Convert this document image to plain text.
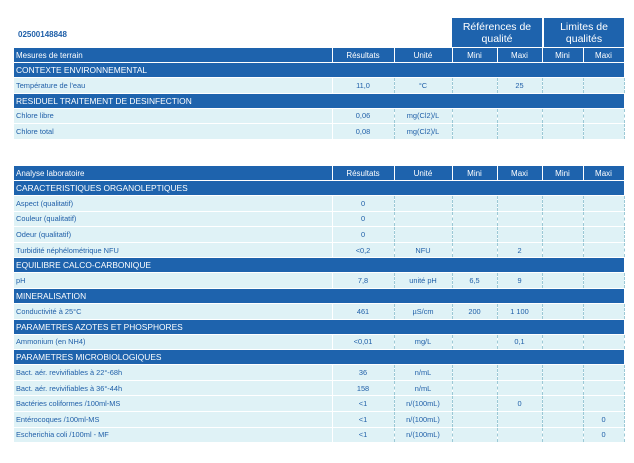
02500148848
Références de qualité
Limites de qualités
Mesures de terrain	Résultats	Unité	Mini	Maxi	Mini	Maxi
CONTEXTE ENVIRONNEMENTAL						
Température de l'eau	11,0	°C		25		
RESIDUEL TRAITEMENT DE DESINFECTION						
Chlore libre	0,06	mg(Cl2)/L				
Chlore total	0,08	mg(Cl2)/L				
Analyse laboratoire	Résultats	Unité	Mini	Maxi	Mini	Maxi
CARACTERISTIQUES ORGANOLEPTIQUES						
Aspect (qualitatif)	0					
Couleur (qualitatif)	0					
Odeur (qualitatif)	0					
Turbidité néphélométrique NFU	<0,2	NFU		2		
EQUILIBRE CALCO-CARBONIQUE						
pH	7,8	unité pH	6,5	9		
MINERALISATION						
Conductivité à 25°C	461	µS/cm	200	1 100		
PARAMETRES AZOTES ET PHOSPHORES						
Ammonium (en NH4)	<0,01	mg/L		0,1		
PARAMETRES MICROBIOLOGIQUES						
Bact. aér. revivifiables à 22°-68h	36	n/mL				
Bact. aér. revivifiables à 36°-44h	158	n/mL				
Bactéries coliformes /100ml-MS	<1	n/(100mL)		0		
Entérocoques /100ml-MS	<1	n/(100mL)				0
Escherichia coli /100ml - MF	<1	n/(100mL)				0
